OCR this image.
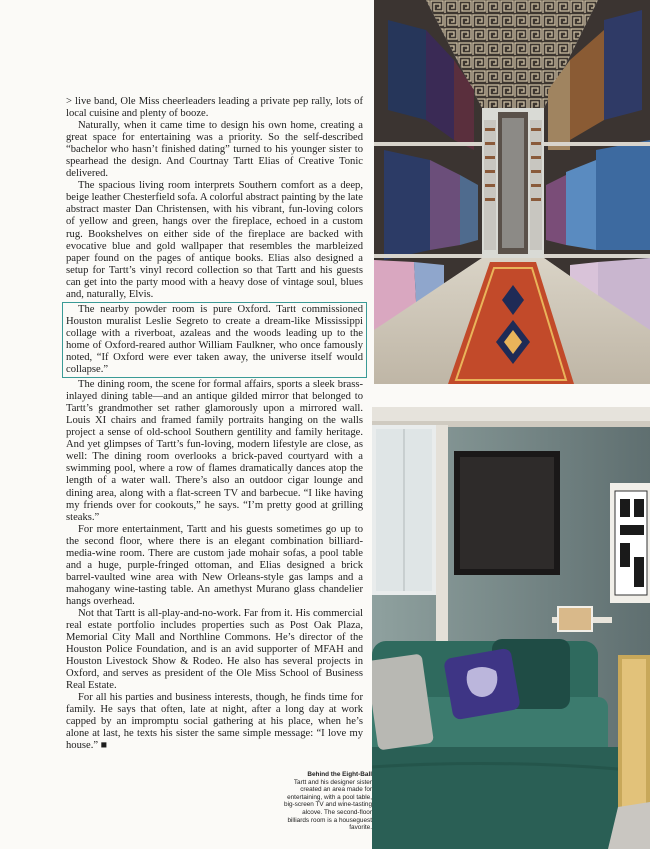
> live band, Ole Miss cheerleaders leading a private pep rally, lots of local cuisine and plenty of booze.

Naturally, when it came time to design his own home, creating a great space for entertaining was a priority. So the self-described “bachelor who hasn’t finished dating” turned to his younger sister to spearhead the design. And Courtnay Tartt Elias of Creative Tonic delivered.

The spacious living room interprets Southern comfort as a deep, beige leather Chesterfield sofa. A colorful abstract painting by the late abstract master Dan Christensen, with his vibrant, fun-loving colors of yellow and green, hangs over the fireplace, echoed in a custom rug. Bookshelves on either side of the fireplace are backed with evocative blue and gold wallpaper that resembles the marbleized paper found on the pages of antique books. Elias also designed a setup for Tartt’s vinyl record collection so that Tartt and his guests can get into the party mood with a heavy dose of vintage soul, blues and, naturally, Elvis.

The nearby powder room is pure Oxford. Tartt commissioned Houston muralist Leslie Segreto to create a dream-like Mississippi collage with a riverboat, azaleas and the woods leading up to the home of Oxford-reared author William Faulkner, who once famously noted, “If Oxford were ever taken away, the universe itself would collapse.”

The dining room, the scene for formal affairs, sports a sleek brass-inlayed dining table—and an antique gilded mirror that belonged to Tartt’s grandmother set rather glamorously upon a mirrored wall. Louis XI chairs and framed family portraits hanging on the walls project a sense of old-school Southern gentility and family heritage. And yet glimpses of Tartt’s fun-loving, modern lifestyle are close, as well: The dining room overlooks a brick-paved courtyard with a swimming pool, where a row of flames dramatically dances atop the length of a water wall. There’s also an outdoor cigar lounge and dining area, along with a flat-screen TV and barbecue. “I like having my friends over for cookouts,” he says. “I’m pretty good at grilling steaks.”

For more entertainment, Tartt and his guests sometimes go up to the second floor, where there is an elegant combination billiard-media-wine room. There are custom jade mohair sofas, a pool table and a huge, purple-fringed ottoman, and Elias designed a brick barrel-vaulted wine area with New Orleans-style gas lamps and a mahogany wine-tasting table. An amethyst Murano glass chandelier hangs overhead.

Not that Tartt is all-play-and-no-work. Far from it. His commercial real estate portfolio includes properties such as Post Oak Plaza, Memorial City Mall and Northline Commons. He’s director of the Houston Police Foundation, and is an avid supporter of MFAH and Houston Livestock Show & Rodeo. He also has several projects in Oxford, and serves as president of the Ole Miss School of Business Real Estate.

For all his parties and business interests, though, he finds time for family. He says that often, late at night, after a long day at work capped by an impromptu social gathering at his place, when he’s alone at last, he texts his sister the same simple message: “I love my house.” ■

Behind the Eight-Ball
Tartt and his designer sister created an area made for entertaining, with a pool table, big-screen TV and wine-tasting alcove. The second-floor billiards room is a houseguest favorite.
